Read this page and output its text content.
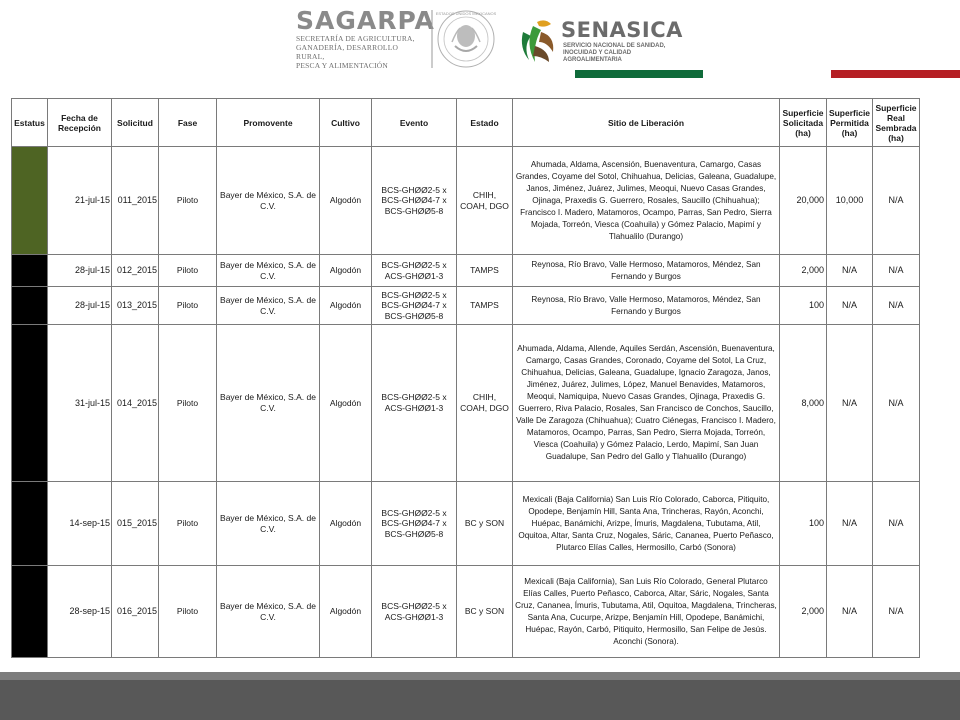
SAGARPA
SECRETARÍA DE AGRICULTURA,
GANADERÍA, DESARROLLO RURAL,
PESCA Y ALIMENTACIÓN
ESTADOS UNIDOS MEXICANOS
SENASICA
SERVICIO NACIONAL DE SANIDAD,
INOCUIDAD Y CALIDAD
AGROALIMENTARIA
Estatus	Fecha de Recepción	Solicitud	Fase	Promovente	Cultivo	Evento	Estado	Sitio de Liberación	Superficie Solicitada (ha)	Superficie Permitida (ha)	Superficie Real Sembrada (ha)
	21-jul-15	011_2015	Piloto	Bayer de México, S.A. de C.V.	Algodón	BCS-GHØØ2-5 x BCS-GHØØ4-7 x BCS-GHØØ5-8	CHIH, COAH, DGO	Ahumada, Aldama, Ascensión, Buenaventura, Camargo, Casas Grandes, Coyame del Sotol, Chihuahua, Delicias, Galeana, Guadalupe, Janos, Jiménez, Juárez, Julimes, Meoqui, Nuevo Casas Grandes, Ojinaga, Praxedis G. Guerrero, Rosales, Saucillo (Chihuahua); Francisco I. Madero, Matamoros, Ocampo, Parras, San Pedro, Sierra Mojada, Torreón, Viesca (Coahuila) y Gómez Palacio, Mapimí y Tlahualilo (Durango)	20,000	10,000	N/A
	28-jul-15	012_2015	Piloto	Bayer de México, S.A. de C.V.	Algodón	BCS-GHØØ2-5 x ACS-GHØØ1-3	TAMPS	Reynosa, Río Bravo, Valle Hermoso, Matamoros, Méndez, San Fernando y Burgos	2,000	N/A	N/A
	28-jul-15	013_2015	Piloto	Bayer de México, S.A. de C.V.	Algodón	BCS-GHØØ2-5 x BCS-GHØØ4-7 x BCS-GHØØ5-8	TAMPS	Reynosa, Río Bravo, Valle Hermoso, Matamoros, Méndez, San Fernando y Burgos	100	N/A	N/A
	31-jul-15	014_2015	Piloto	Bayer de México, S.A. de C.V.	Algodón	BCS-GHØØ2-5 x ACS-GHØØ1-3	CHIH, COAH, DGO	Ahumada, Aldama, Allende, Aquiles Serdán, Ascensión, Buenaventura, Camargo, Casas Grandes, Coronado, Coyame del Sotol, La Cruz, Chihuahua, Delicias, Galeana, Guadalupe, Ignacio Zaragoza, Janos, Jiménez, Juárez, Julimes, López, Manuel Benavides, Matamoros, Meoqui, Namiquipa, Nuevo Casas Grandes, Ojinaga, Praxedis G. Guerrero, Riva Palacio, Rosales, San Francisco de Conchos, Saucillo, Valle De Zaragoza (Chihuahua); Cuatro Ciénegas, Francisco I. Madero, Matamoros, Ocampo, Parras, San Pedro, Sierra Mojada, Torreón, Viesca (Coahuila) y Gómez Palacio, Lerdo, Mapimí, San Juan Guadalupe, San Pedro del Gallo y Tlahualilo (Durango)	8,000	N/A	N/A
	14-sep-15	015_2015	Piloto	Bayer de México, S.A. de C.V.	Algodón	BCS-GHØØ2-5 x BCS-GHØØ4-7 x BCS-GHØØ5-8	BC y SON	Mexicali (Baja California) San Luis Río Colorado, Caborca, Pitiquito, Opodepe, Benjamín Hill, Santa Ana, Trincheras, Rayón, Aconchi, Huépac, Banámichi, Arizpe, Ímuris, Magdalena, Tubutama, Atil, Oquitoa, Altar, Santa Cruz, Nogales, Sáric, Cananea, Puerto Peñasco, Plutarco Elías Calles, Hermosillo, Carbó (Sonora)	100	N/A	N/A
	28-sep-15	016_2015	Piloto	Bayer de México, S.A. de C.V.	Algodón	BCS-GHØØ2-5 x ACS-GHØØ1-3	BC y SON	Mexicali (Baja California), San Luis Río Colorado, General Plutarco Elías Calles, Puerto Peñasco, Caborca, Altar, Sáric, Nogales, Santa Cruz, Cananea, Ímuris, Tubutama, Atil, Oquitoa, Magdalena, Trincheras, Santa Ana, Cucurpe, Arizpe, Benjamín Hill, Opodepe, Banámichi, Huépac, Rayón, Carbó, Pitiquito, Hermosillo, San Felipe de Jesús. Aconchi (Sonora).	2,000	N/A	N/A
